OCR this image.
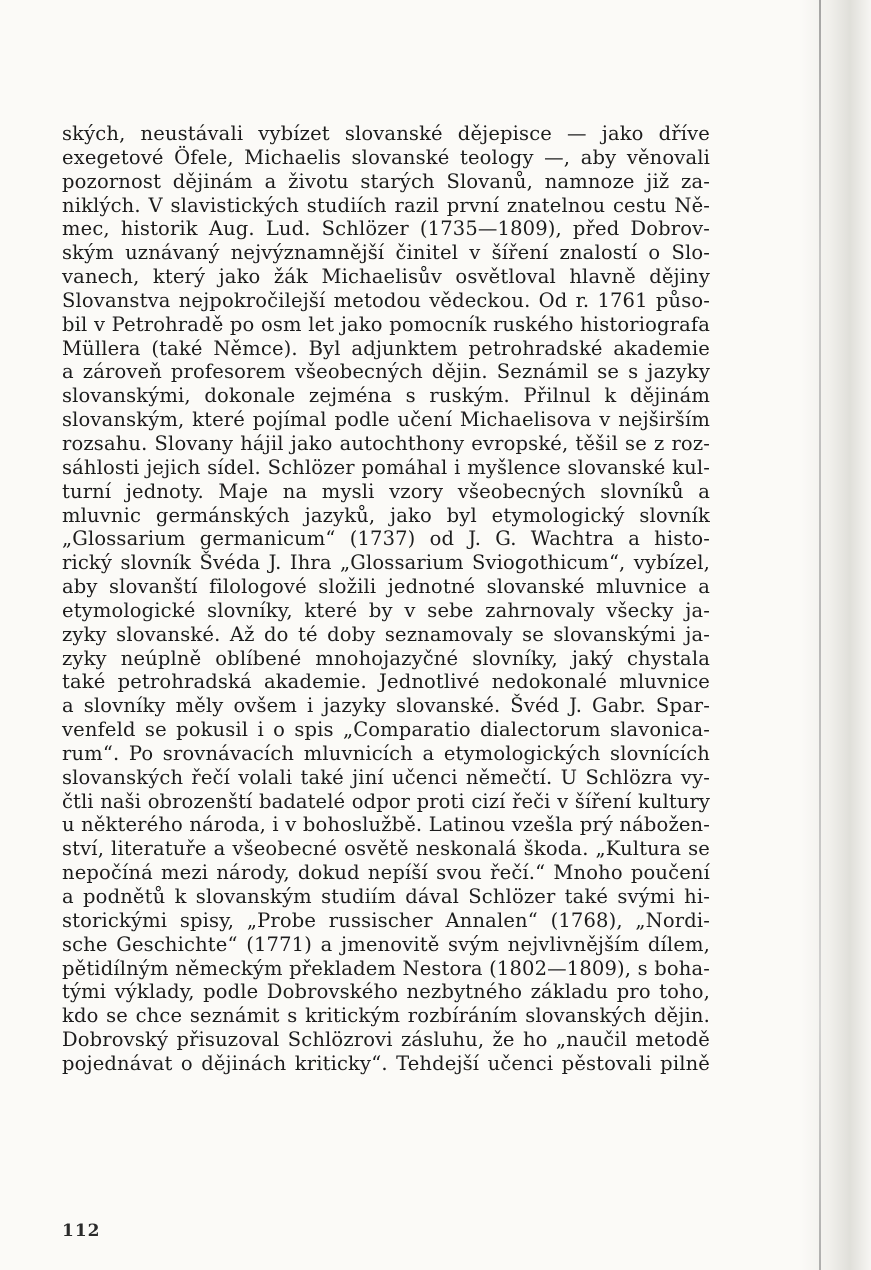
ských, neustávali vybízet slovanské dějepisce — jako dříve
exegetové Öfele, Michaelis slovanské teology —, aby věnovali
pozornost dějinám a životu starých Slovanů, namnoze již za-
niklých. V slavistických studiích razil první znatelnou cestu Ně-
mec, historik Aug. Lud. Schlözer (1735—1809), před Dobrov-
ským uznávaný nejvýznamnější činitel v šíření znalostí o Slo-
vanech, který jako žák Michaelisův osvětloval hlavně dějiny
Slovanstva nejpokročilejší metodou vědeckou. Od r. 1761 půso-
bil v Petrohradě po osm let jako pomocník ruského historiografa
Müllera (také Němce). Byl adjunktem petrohradské akademie
a zároveň profesorem všeobecných dějin. Seznámil se s jazyky
slovanskými, dokonale zejména s ruským. Přilnul k dějinám
slovanským, které pojímal podle učení Michaelisova v nejširším
rozsahu. Slovany hájil jako autochthony evropské, těšil se z roz-
sáhlosti jejich sídel. Schlözer pomáhal i myšlence slovanské kul-
turní jednoty. Maje na mysli vzory všeobecných slovníků a
mluvnic germánských jazyků, jako byl etymologický slovník
„Glossarium germanicum“ (1737) od J. G. Wachtra a histo-
rický slovník Švéda J. Ihra „Glossarium Sviogothicum“, vybízel,
aby slovanští filologové složili jednotné slovanské mluvnice a
etymologické slovníky, které by v sebe zahrnovaly všecky ja-
zyky slovanské. Až do té doby seznamovaly se slovanskými ja-
zyky neúplně oblíbené mnohojazyčné slovníky, jaký chystala
také petrohradská akademie. Jednotlivé nedokonalé mluvnice
a slovníky měly ovšem i jazyky slovanské. Švéd J. Gabr. Spar-
venfeld se pokusil i o spis „Comparatio dialectorum slavonica-
rum“. Po srovnávacích mluvnicích a etymologických slovnících
slovanských řečí volali také jiní učenci němečtí. U Schlözra vy-
čtli naši obrozenští badatelé odpor proti cizí řeči v šíření kultury
u některého národa, i v bohoslužbě. Latinou vzešla prý nábožen-
ství, literatuře a všeobecné osvětě neskonalá škoda. „Kultura se
nepočíná mezi národy, dokud nepíší svou řečí.“ Mnoho poučení
a podnětů k slovanským studiím dával Schlözer také svými hi-
storickými spisy, „Probe russischer Annalen“ (1768), „Nordi-
sche Geschichte“ (1771) a jmenovitě svým nejvlivnějším dílem,
pětidílným německým překladem Nestora (1802—1809), s boha-
tými výklady, podle Dobrovského nezbytného základu pro toho,
kdo se chce seznámit s kritickým rozbíráním slovanských dějin.
Dobrovský přisuzoval Schlözrovi zásluhu, že ho „naučil metodě
pojednávat o dějinách kriticky“. Tehdejší učenci pěstovali pilně
112
